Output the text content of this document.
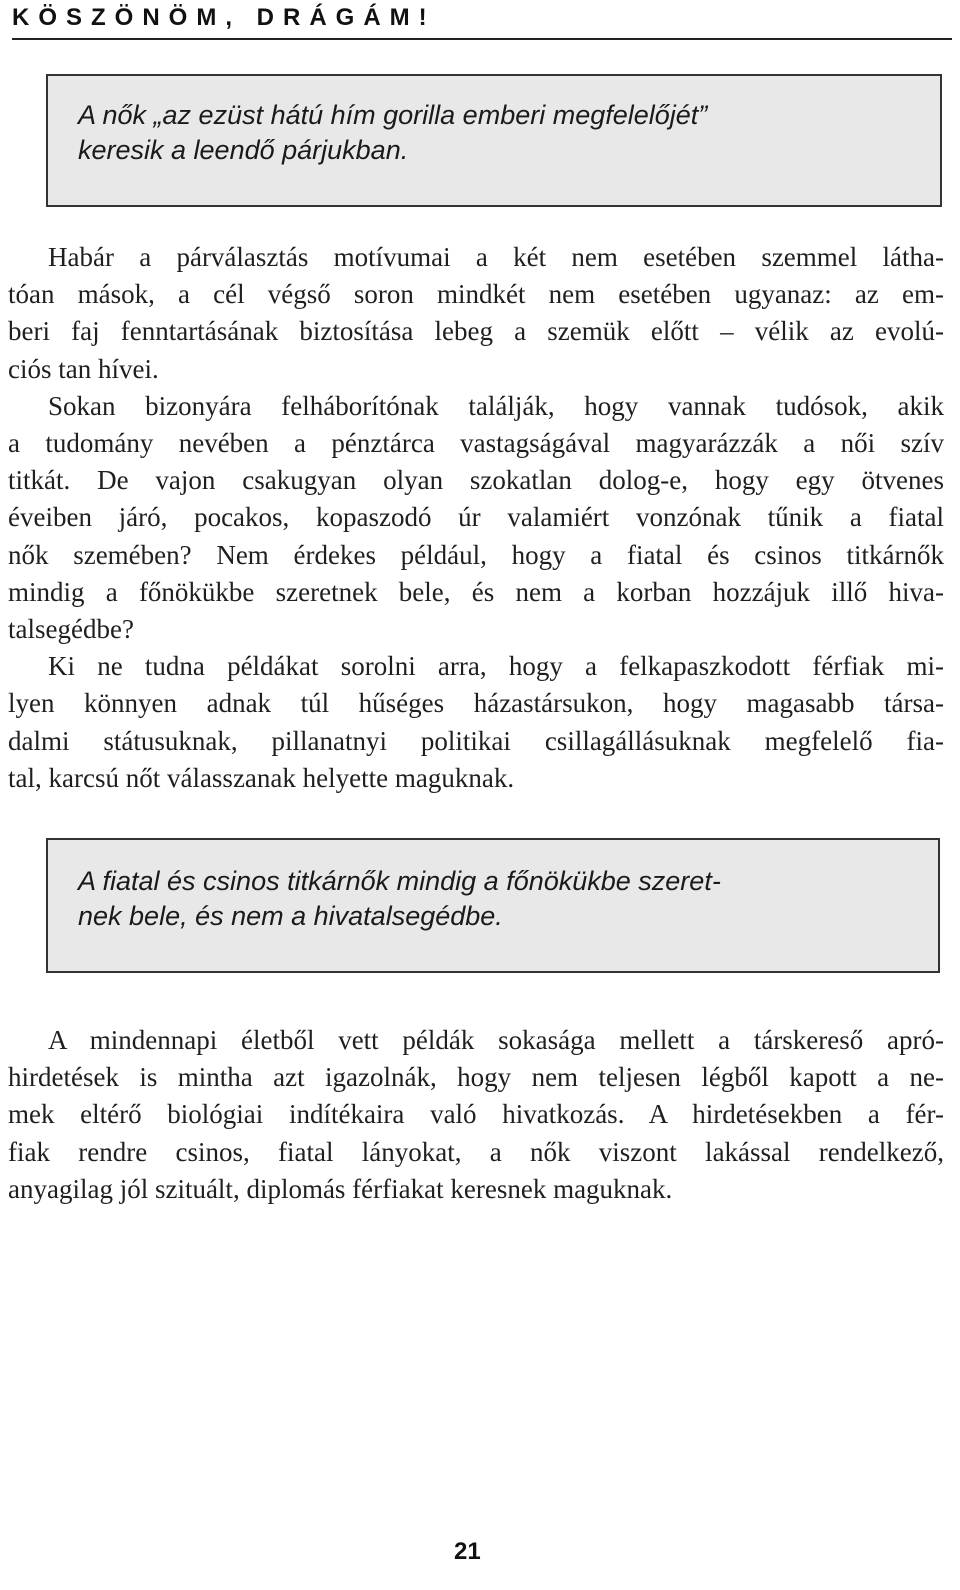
KÖSZÖNÖM, DRÁGÁM!
A nők „az ezüst hátú hím gorilla emberi megfelelőjét”
keresik a leendő párjukban.
Habár a párválasztás motívumai a két nem esetében szemmel látha-
tóan mások, a cél végső soron mindkét nem esetében ugyanaz: az em-
beri faj fenntartásának biztosítása lebeg a szemük előtt – vélik az evolú-
ciós tan hívei.
Sokan bizonyára felháborítónak találják, hogy vannak tudósok, akik
a tudomány nevében a pénztárca vastagságával magyarázzák a női szív
titkát. De vajon csakugyan olyan szokatlan dolog-e, hogy egy ötvenes
éveiben járó, pocakos, kopaszodó úr valamiért vonzónak tűnik a fiatal
nők szemében? Nem érdekes például, hogy a fiatal és csinos titkárnők
mindig a főnökükbe szeretnek bele, és nem a korban hozzájuk illő hiva-
talsegédbe?
Ki ne tudna példákat sorolni arra, hogy a felkapaszkodott férfiak mi-
lyen könnyen adnak túl hűséges házastársukon, hogy magasabb társa-
dalmi státusuknak, pillanatnyi politikai csillagállásuknak megfelelő fia-
tal, karcsú nőt válasszanak helyette maguknak.
A fiatal és csinos titkárnők mindig a főnökükbe szeret-
nek bele, és nem a hivatalsegédbe.
A mindennapi életből vett példák sokasága mellett a társkereső apró-
hirdetések is mintha azt igazolnák, hogy nem teljesen légből kapott a ne-
mek eltérő biológiai indítékaira való hivatkozás. A hirdetésekben a fér-
fiak rendre csinos, fiatal lányokat, a nők viszont lakással rendelkező,
anyagilag jól szituált, diplomás férfiakat keresnek maguknak.
21
